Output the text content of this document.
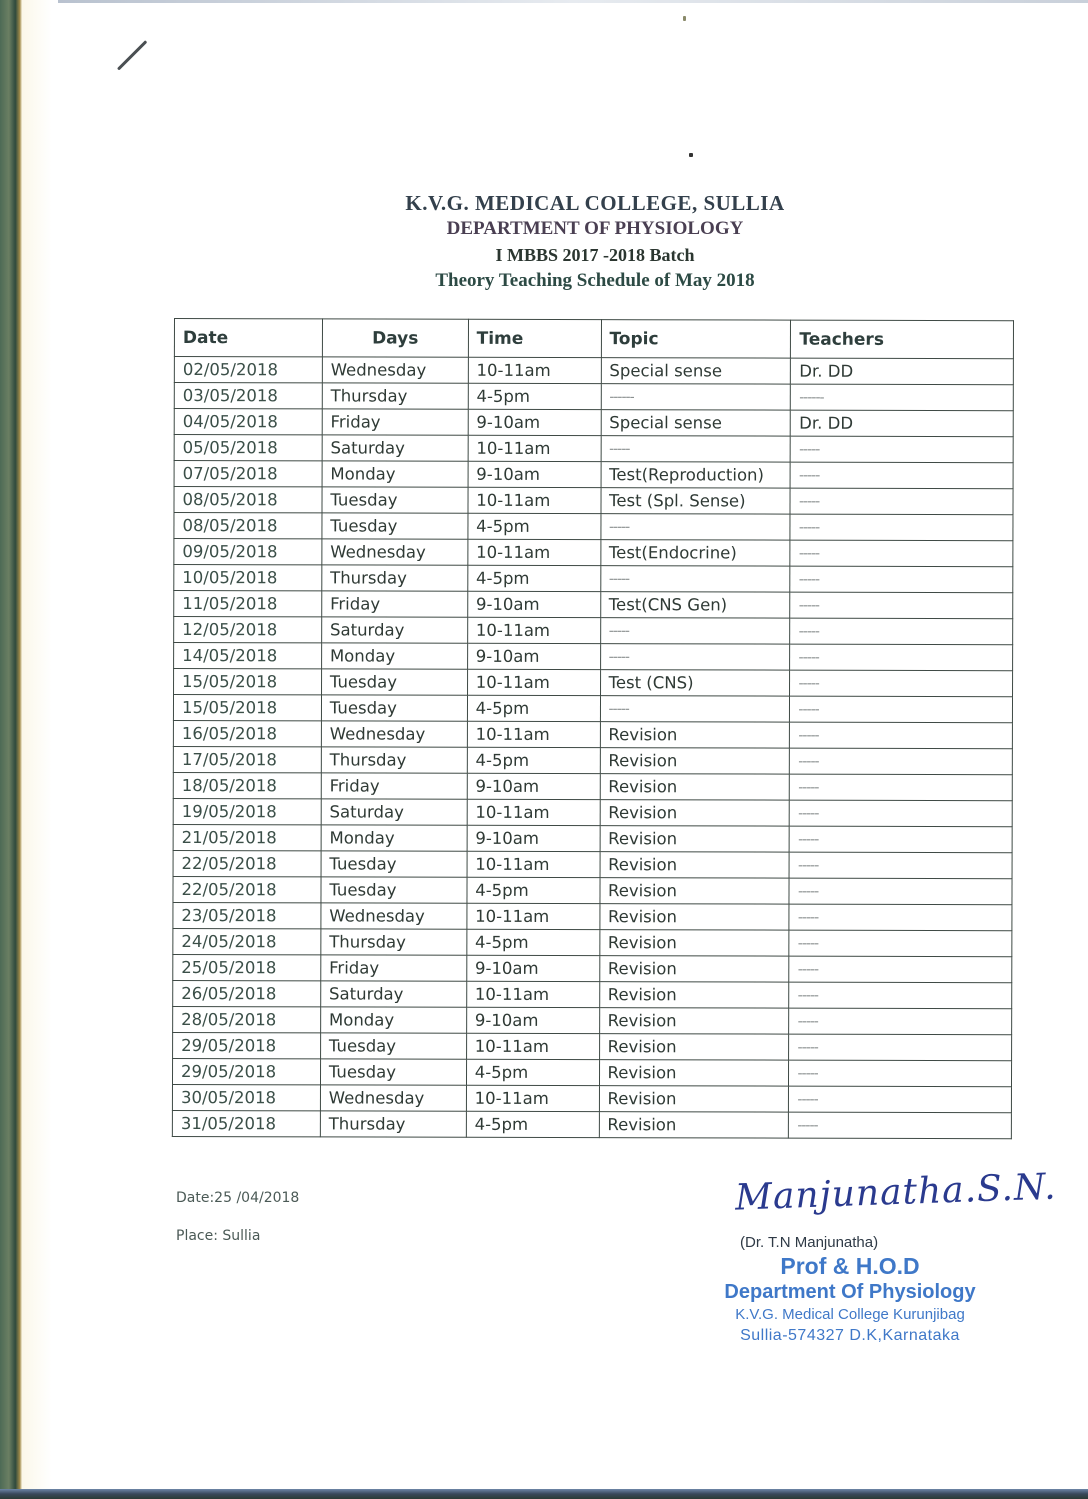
K.V.G. MEDICAL COLLEGE, SULLIA
DEPARTMENT OF PHYSIOLOGY
I MBBS 2017 -2018 Batch
Theory Teaching Schedule of May 2018
Date	Days	Time	Topic	Teachers
02/05/2018	Wednesday	10-11am	Special sense	Dr. DD
03/05/2018	Thursday	4-5pm	------	------
04/05/2018	Friday	9-10am	Special sense	Dr. DD
05/05/2018	Saturday	10-11am	-----	-----
07/05/2018	Monday	9-10am	Test(Reproduction)	-----
08/05/2018	Tuesday	10-11am	Test (Spl. Sense)	-----
08/05/2018	Tuesday	4-5pm	-----	-----
09/05/2018	Wednesday	10-11am	Test(Endocrine)	-----
10/05/2018	Thursday	4-5pm	-----	-----
11/05/2018	Friday	9-10am	Test(CNS Gen)	-----
12/05/2018	Saturday	10-11am	-----	-----
14/05/2018	Monday	9-10am	-----	-----
15/05/2018	Tuesday	10-11am	Test (CNS)	-----
15/05/2018	Tuesday	4-5pm	-----	-----
16/05/2018	Wednesday	10-11am	Revision	-----
17/05/2018	Thursday	4-5pm	Revision	-----
18/05/2018	Friday	9-10am	Revision	-----
19/05/2018	Saturday	10-11am	Revision	-----
21/05/2018	Monday	9-10am	Revision	-----
22/05/2018	Tuesday	10-11am	Revision	-----
22/05/2018	Tuesday	4-5pm	Revision	-----
23/05/2018	Wednesday	10-11am	Revision	-----
24/05/2018	Thursday	4-5pm	Revision	-----
25/05/2018	Friday	9-10am	Revision	-----
26/05/2018	Saturday	10-11am	Revision	-----
28/05/2018	Monday	9-10am	Revision	-----
29/05/2018	Tuesday	10-11am	Revision	-----
29/05/2018	Tuesday	4-5pm	Revision	-----
30/05/2018	Wednesday	10-11am	Revision	-----
31/05/2018	Thursday	4-5pm	Revision	-----
Date:25 /04/2018
Place: Sullia
Manjunatha.S.N.
(Dr. T.N Manjunatha)
Prof & H.O.D
Department Of Physiology
K.V.G. Medical College Kurunjibag
Sullia-574327 D.K,Karnataka
